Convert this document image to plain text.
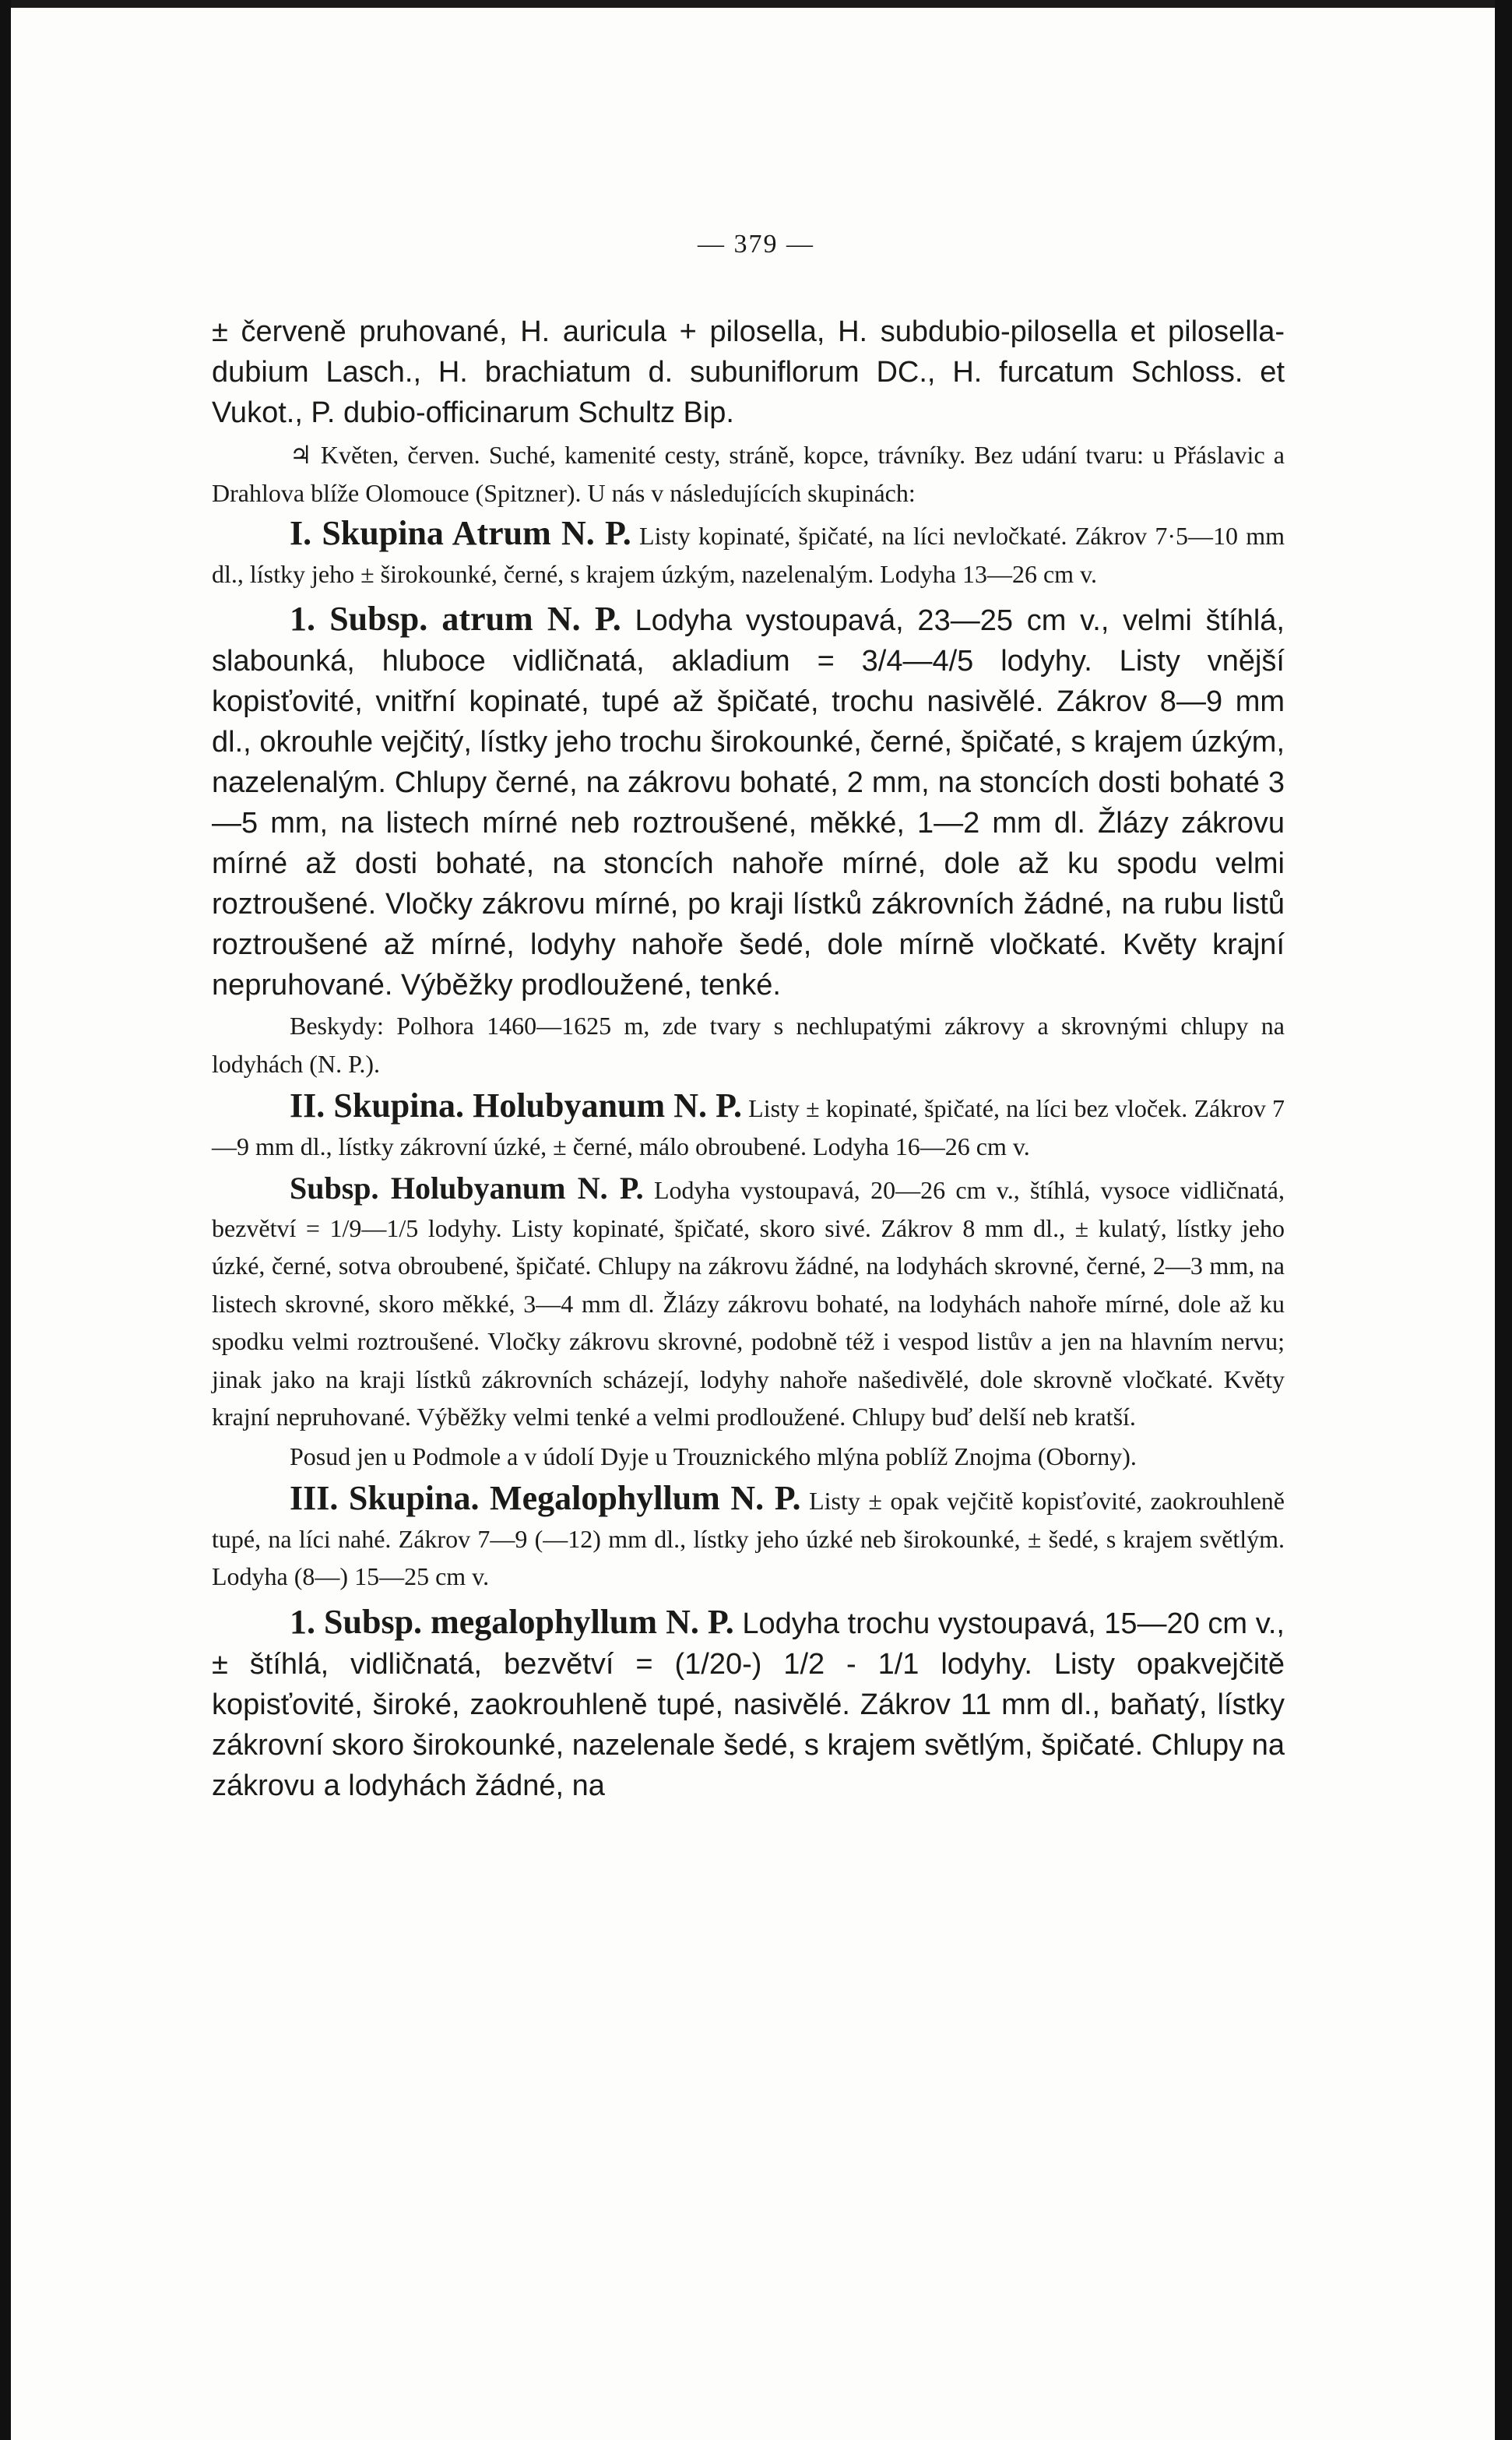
— 379 —

± červeně pruhované, H. auricula + pilosella, H. subdubio-pilosella et pilosella-dubium Lasch., H. brachiatum d. subuniflorum DC., H. furcatum Schloss. et Vukot., P. dubio-officinarum Schultz Bip.

♃ Květen, červen. Suché, kamenité cesty, stráně, kopce, trávníky. Bez udání tvaru: u Přáslavic a Drahlova blíže Olomouce (Spitzner). U nás v následujících skupinách:

I. Skupina Atrum N. P. Listy kopinaté, špičaté, na líci nevločkaté. Zákrov 7·5—10 mm dl., lístky jeho ± širokounké, černé, s krajem úzkým, nazelenalým. Lodyha 13—26 cm v.

1. Subsp. atrum N. P. Lodyha vystoupavá, 23—25 cm v., velmi štíhlá, slabounká, hluboce vidličnatá, akladium = 3/4—4/5 lodyhy. Listy vnější kopisťovité, vnitřní kopinaté, tupé až špičaté, trochu nasivělé. Zákrov 8—9 mm dl., okrouhle vejčitý, lístky jeho trochu širokounké, černé, špičaté, s krajem úzkým, nazelenalým. Chlupy černé, na zákrovu bohaté, 2 mm, na stoncích dosti bohaté 3—5 mm, na listech mírné neb roztroušené, měkké, 1—2 mm dl. Žlázy zákrovu mírné až dosti bohaté, na stoncích nahoře mírné, dole až ku spodu velmi roztroušené. Vločky zákrovu mírné, po kraji lístků zákrovních žádné, na rubu listů roztroušené až mírné, lodyhy nahoře šedé, dole mírně vločkaté. Květy krajní nepruhované. Výběžky prodloužené, tenké.

Beskydy: Polhora 1460—1625 m, zde tvary s nechlupatými zákrovy a skrovnými chlupy na lodyhách (N. P.).

II. Skupina. Holubyanum N. P. Listy ± kopinaté, špičaté, na líci bez vloček. Zákrov 7—9 mm dl., lístky zákrovní úzké, ± černé, málo obroubené. Lodyha 16—26 cm v.

Subsp. Holubyanum N. P. Lodyha vystoupavá, 20—26 cm v., štíhlá, vysoce vidličnatá, bezvětví = 1/9—1/5 lodyhy. Listy kopinaté, špičaté, skoro sivé. Zákrov 8 mm dl., ± kulatý, lístky jeho úzké, černé, sotva obroubené, špičaté. Chlupy na zákrovu žádné, na lodyhách skrovné, černé, 2—3 mm, na listech skrovné, skoro měkké, 3—4 mm dl. Žlázy zákrovu bohaté, na lodyhách nahoře mírné, dole až ku spodku velmi roztroušené. Vločky zákrovu skrovné, podobně též i vespod listův a jen na hlavním nervu; jinak jako na kraji lístků zákrovních scházejí, lodyhy nahoře našedivělé, dole skrovně vločkaté. Květy krajní nepruhované. Výběžky velmi tenké a velmi prodloužené. Chlupy buď delší neb kratší.

Posud jen u Podmole a v údolí Dyje u Trouznického mlýna poblíž Znojma (Oborny).

III. Skupina. Megalophyllum N. P. Listy ± opak vejčitě kopisťovité, zaokrouhleně tupé, na líci nahé. Zákrov 7—9 (—12) mm dl., lístky jeho úzké neb širokounké, ± šedé, s krajem světlým. Lodyha (8—) 15—25 cm v.

1. Subsp. megalophyllum N. P. Lodyha trochu vystoupavá, 15—20 cm v., ± štíhlá, vidličnatá, bezvětví = (1/20-) 1/2 - 1/1 lodyhy. Listy opakvejčitě kopisťovité, široké, zaokrouhleně tupé, nasivělé. Zákrov 11 mm dl., baňatý, lístky zákrovní skoro širokounké, nazelenale šedé, s krajem světlým, špičaté. Chlupy na zákrovu a lodyhách žádné, na
